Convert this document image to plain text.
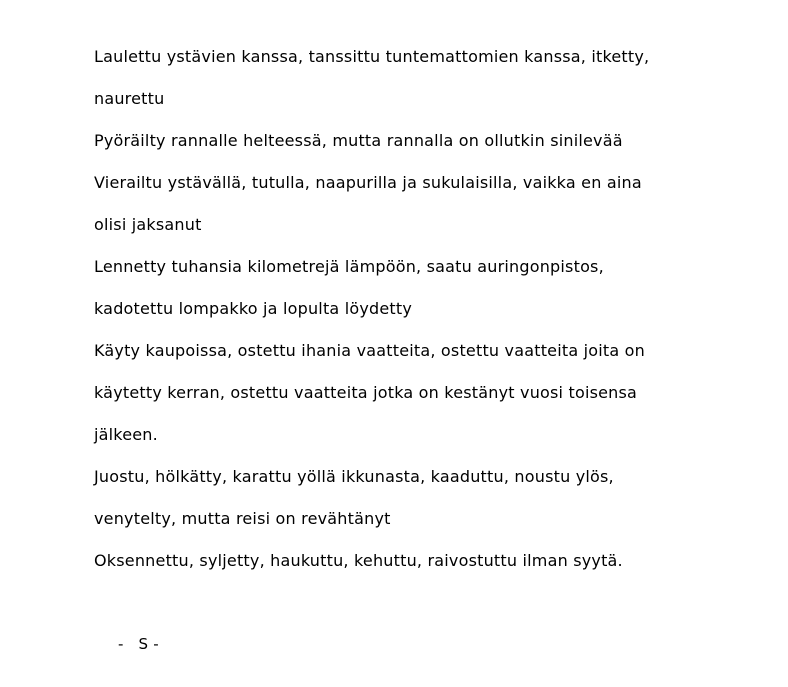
Laulettu ystävien kanssa, tanssittu tuntemattomien kanssa, itketty,
naurettu
Pyöräilty rannalle helteessä, mutta rannalla on ollutkin sinilevää
Vierailtu ystävällä, tutulla, naapurilla ja sukulaisilla, vaikka en aina
olisi jaksanut
Lennetty tuhansia kilometrejä lämpöön, saatu auringonpistos,
kadotettu lompakko ja lopulta löydetty
Käyty kaupoissa, ostettu ihania vaatteita, ostettu vaatteita joita on
käytetty kerran, ostettu vaatteita jotka on kestänyt vuosi toisensa
jälkeen.
Juostu, hölkätty, karattu yöllä ikkunasta, kaaduttu, noustu ylös,
venytelty, mutta reisi on revähtänyt
Oksennettu, syljetty, haukuttu, kehuttu, raivostuttu ilman syytä.
-   S -
